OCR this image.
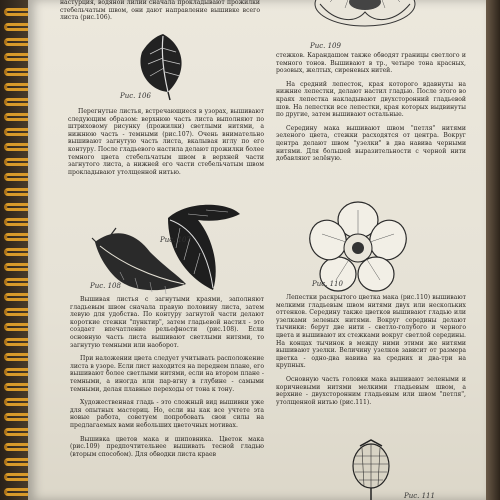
настурция, водяной лилии сначала прокладывают прожилки стебельчатым швом, они дают направление вышивке всего листа (рис.106).

Рис. 106

Перегнутые листья, встречающиеся в узорах, вышивают следующим образом: верхнюю часть листа выполняют по штриховому рисунку (прожилки) светлыми нитями, а нижнюю часть - темными (рис.107). Очень внимательно вышивают загнутую часть листа, вкалывая иглу по его контуру. После гладьевого настила делают прожилки более темного цвета стебельчатым швом в верхней части загнутого листа, а нижней его части стебельчатым швом прокладывают утолщенной нитью.

Рис. 107
Рис. 108

Вышивая листья с загнутыми краями, заполняют гладьевым швом сначала правую половину листа, затем левую для удобства. По контуру загнутой части делают короткие стежки "пунктир", затем гладьевой настил - это создает впечатление рельефности (рис.108). Если основную часть листа вышивают светлыми нитями, то загнутую темными или наоборот.

При наложении цвета следует учитывать расположение листа в узоре. Если лист находится на переднем плане, его вышивают более светлыми нитями, если на втором плане - темными, а иногда или пар-вгну в глубине - самыми темными, делая плавные переходы от тона к тону.

Художественная гладь - это сложный вид вышивки уже для опытных мастериц. Но, если вы как все учтете эта новые работа, советуем попробовать свои силы на предлагаемых вами небольших цветочных мотивах.

Вышивка цветов мака и шиповника. Цветок мака (рис.109) предпочтительнее вышивать тесной гладью (вторым способом). Для обводки листа краев

Рис. 109

стежков. Карандашом также обводят границы светлого и темного тонов. Вышивают в тр., четыре тона красных, розовых, желтых, сиреневых нитей.

На средний лепесток, края которого вдавнуты на нижние лепестки, делают настил гладью. После этого во краях лепестка накладывают двухсторонний гладьевой шов. На лепестки все лепестки, края которых выдвинуты по другие, затем вышивают остальные.

Середину мака вышивают швом "петля" нитями зеленого цвета, стежки расходятся от центра. Вокруг центра делают швом "узелки" в два навива черными нитями. Для большей выразительности с черной нити добавляют зелёную.

Рис. 110

Лепестки раскрытого цветка мака (рис.110) вышивают мелкими гладьевым швом нитями двух или нескольких оттенков. Середину также цветков вышивают гладью или узелками зеленых нитями. Вокруг середины делают тычинки: берут две нити - светло-голубого и черного цвета и вышивают их стежками вокруг светлой середины. На концах тычинок в между ними этими же нитями вышивают узелки. Величину узелков зависит от размера цветка - одно-два навива на средних и два-три на крупных.

Основную часть головки мака вышивают зелеными и коричневыми нитями мелкими гладьевым швом, а верхние - двухсторонним гладьевым или швом "петля", утолщенной нитью (рис.111).

Рис. 111
